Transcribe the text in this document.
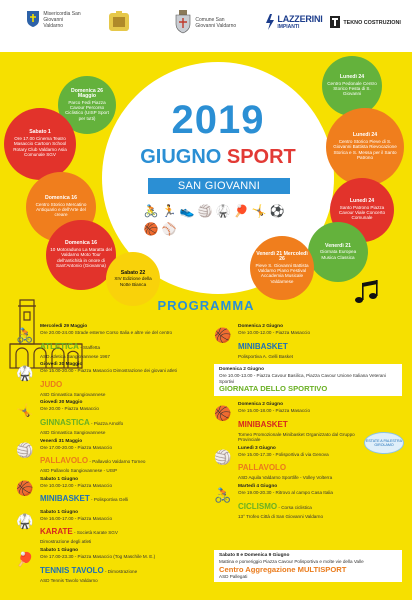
Misericordia San Giovanni Valdarno
Comune San Giovanni Valdarno
LAZZERINI
IMPIANTI
TEKNO COSTRUZIONI
2019
GIUGNO SPORT
SAN GIOVANNI VALDARNO
🚴 🏃 👟 🏐 🥋 🏓 🤸 ⚽🏀 ⚾
Domenica 26 Maggio
Parco Fedi Piazza Cavour Percorso Ciclistico (UISP Sport per tutti)
Sabato 1
Ore 17.00 Cinema Teatro Masaccio Cartoon School Rotary Club Valdarno Asia Comunale SGV
Domenica 16
Centro Storico Mercatino Antiquario e dell'Arte del creare
Domenica 16
10 Motoraduno La Maratta del Valdarno Moto Tour dell'antichità in onore di Sant'Antonio (Giovanna)
Sabato 22
XIV Edizione della Notte Bianca
Lunedì 24
Centro Pedonale Centro Storico Festa di S. Giovanni
Lunedì 24
Centro Storico Pieve di S. Giovanni Battista Rievocazione Storica e S. Messa per il Santo Patrono
Lunedì 24
Santo Patrono Piazza Cavour Viale Concerto Comunale
Venerdì 21
Giornata Europea Musica Classica
Venerdì 21 Mercoledì 26
Pieve S. Giovanni Battista Valdarno Piano Festival Accademia Musicale Valdarnese
PROGRAMMA
🚴
Mercoledì 29 Maggio
Ore 20.00-24.00 Strade esterne Corso Italia e altre vie del centro
ATLETICA - Staffetta
ASD Atletica Sangiovannese 1967
🥋
Giovedì 30 Maggio
Ore 15.00-20.00 - Piazza Masaccio Dimostrazione dei giovani atleti
JUDO
ASD Ginnastica Sangiovannese
🤸
Giovedì 30 Maggio
Ore 20.00 - Piazza Masaccio
GINNASTICA - Piazza Arnolfo
ASD Ginnastica Sangiovannese
🏐
Venerdì 31 Maggio
Ore 17.00-20.00 - Piazza Masaccio
PALLAVOLO - Pallavolo Valdarno Torneo
ASD Pallavolo Sangiovannese - UISP
🏀
Sabato 1 Giugno
Ore 10.00-12.00 - Piazza Masaccio
MINIBASKET - Polisportiva Gelli
🥋
Sabato 1 Giugno
Ore 16.00-17.00 - Piazza Masaccio
KARATE - Società Karate SGV
Dimostrazione degli atleti
🏓
Sabato 1 Giugno
Ore 17.00-23.30 - Piazza Masaccio (Tog Maschile M. E.)
TENNIS TAVOLO - Dimostrazione
ASD Tennis Tavolo Valdarno
🏀
Domenica 2 Giugno
Ore 10.00-12.00 - Piazza Masaccio
MINIBASKET
Polisportiva A. Gelli Basket
Domenica 2 Giugno
Ore 10.00-13.00 - Piazza Cavour Basilica, Piazza Cavour Unione Italiana Veterani Sportivi
GIORNATA DELLO SPORTIVO
🏀
Domenica 2 Giugno
Ore 15.00-18.00 - Piazza Masaccio
MINIBASKET
Torneo Promozionale Minibasket Organizzato dal Gruppo Provinciale
🏐
Lunedì 3 Giugno
Ore 15.00-17.30 - Polisportiva di via Genova
PALLAVOLO
ASD Aquila Valdarno Sportlife - Volley Volterra
🚴
Martedì 4 Giugno
Ore 19.00-20.30 - Ritrovo al campo Casa Italia
CICLISMO - Corsa ciclistica
13° Trofeo Città di San Giovanni Valdarno
ESTATE A PALESTRA GIROLAMO
Sabato 8 e Domenica 9 Giugno
Mattina e pomeriggio Piazza Cavour Polisportiva e molte vie della Valle
Centro Aggregazione MULTISPORT
ASD Pallegati
